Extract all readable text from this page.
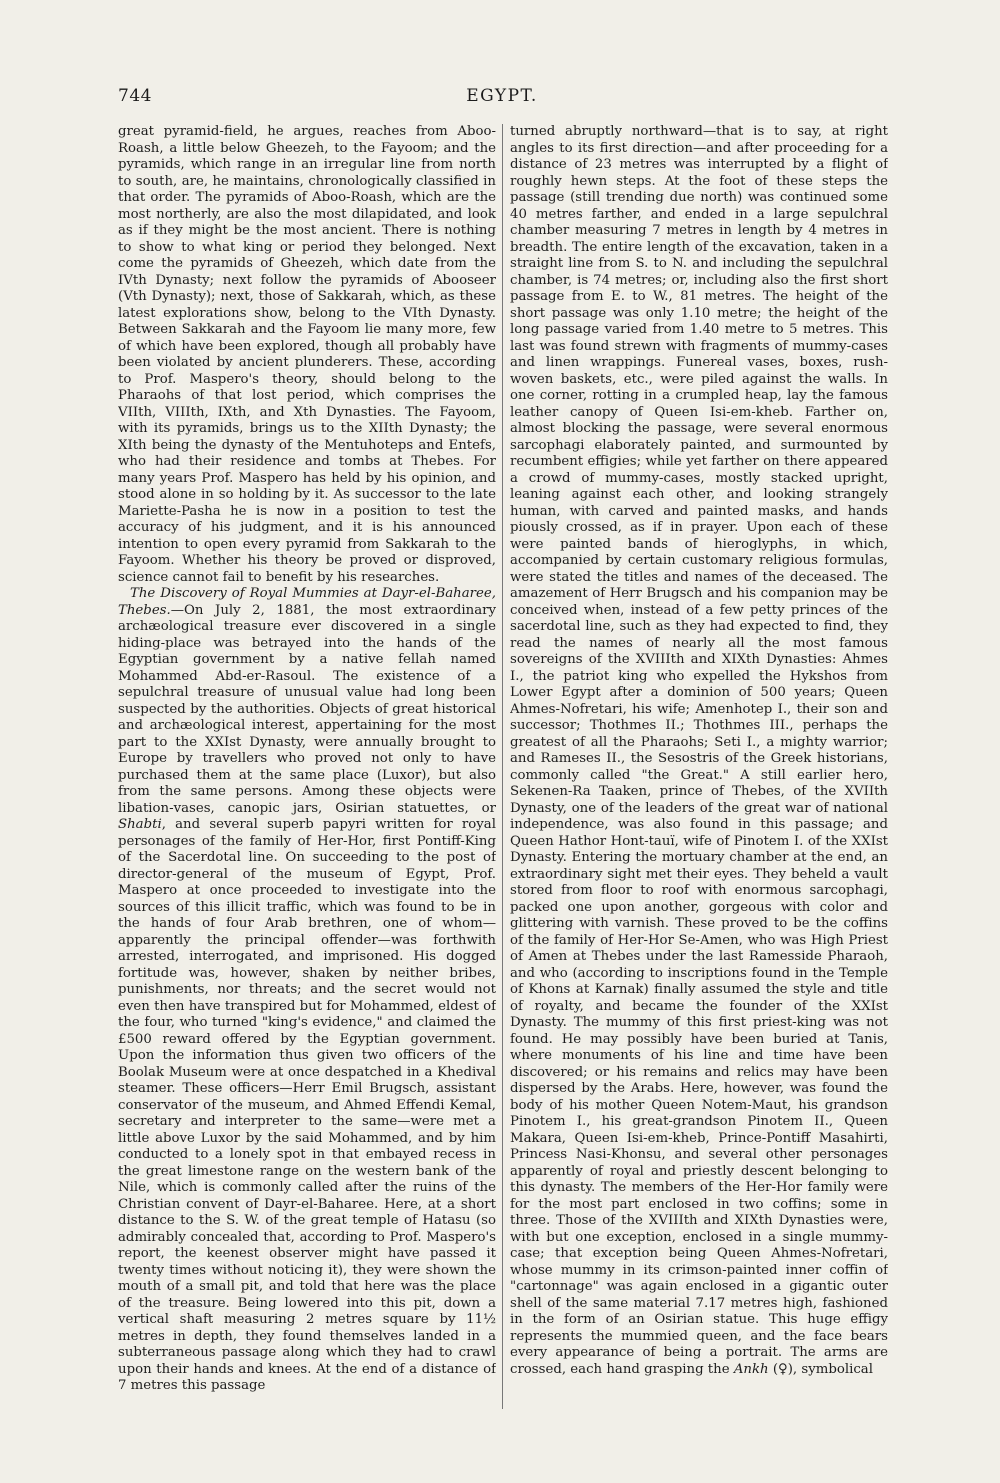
744	EGYPT.

great pyramid-field, he argues, reaches from Aboo-Roash, a little below Gheezeh, to the Fayoom; and the pyramids, which range in an irregular line from north to south, are, he maintains, chronologically classified in that order. The pyramids of Aboo-Roash, which are the most northerly, are also the most dilapidated, and look as if they might be the most ancient. There is nothing to show to what king or period they belonged. Next come the pyramids of Gheezeh, which date from the IVth Dynasty; next follow the pyramids of Abooseer (Vth Dynasty); next, those of Sakkarah, which, as these latest explorations show, belong to the VIth Dynasty. Between Sakkarah and the Fayoom lie many more, few of which have been explored, though all probably have been violated by ancient plunderers. These, according to Prof. Maspero's theory, should belong to the Pharaohs of that lost period, which comprises the VIIth, VIIIth, IXth, and Xth Dynasties. The Fayoom, with its pyramids, brings us to the XIIth Dynasty; the XIth being the dynasty of the Mentuhoteps and Entefs, who had their residence and tombs at Thebes. For many years Prof. Maspero has held by his opinion, and stood alone in so holding by it. As successor to the late Mariette-Pasha he is now in a position to test the accuracy of his judgment, and it is his announced intention to open every pyramid from Sakkarah to the Fayoom. Whether his theory be proved or disproved, science cannot fail to benefit by his researches.

The Discovery of Royal Mummies at Dayr-el-Baharee, Thebes.—On July 2, 1881, the most extraordinary archæological treasure ever discovered in a single hiding-place was betrayed into the hands of the Egyptian government by a native fellah named Mohammed Abd-er-Rasoul. The existence of a sepulchral treasure of unusual value had long been suspected by the authorities. Objects of great historical and archæological interest, appertaining for the most part to the XXIst Dynasty, were annually brought to Europe by travellers who proved not only to have purchased them at the same place (Luxor), but also from the same persons. Among these objects were libation-vases, canopic jars, Osirian statuettes, or Shabti, and several superb papyri written for royal personages of the family of Her-Hor, first Pontiff-King of the Sacerdotal line. On succeeding to the post of director-general of the museum of Egypt, Prof. Maspero at once proceeded to investigate into the sources of this illicit traffic, which was found to be in the hands of four Arab brethren, one of whom—apparently the principal offender—was forthwith arrested, interrogated, and imprisoned. His dogged fortitude was, however, shaken by neither bribes, punishments, nor threats; and the secret would not even then have transpired but for Mohammed, eldest of the four, who turned "king's evidence," and claimed the £500 reward offered by the Egyptian government. Upon the information thus given two officers of the Boolak Museum were at once despatched in a Khedival steamer. These officers—Herr Emil Brugsch, assistant conservator of the museum, and Ahmed Effendi Kemal, secretary and interpreter to the same—were met a little above Luxor by the said Mohammed, and by him conducted to a lonely spot in that embayed recess in the great limestone range on the western bank of the Nile, which is commonly called after the ruins of the Christian convent of Dayr-el-Baharee. Here, at a short distance to the S. W. of the great temple of Hatasu (so admirably concealed that, according to Prof. Maspero's report, the keenest observer might have passed it twenty times without noticing it), they were shown the mouth of a small pit, and told that here was the place of the treasure. Being lowered into this pit, down a vertical shaft measuring 2 metres square by 11½ metres in depth, they found themselves landed in a subterraneous passage along which they had to crawl upon their hands and knees. At the end of a distance of 7 metres this passage

turned abruptly northward—that is to say, at right angles to its first direction—and after proceeding for a distance of 23 metres was interrupted by a flight of roughly hewn steps. At the foot of these steps the passage (still trending due north) was continued some 40 metres farther, and ended in a large sepulchral chamber measuring 7 metres in length by 4 metres in breadth. The entire length of the excavation, taken in a straight line from S. to N. and including the sepulchral chamber, is 74 metres; or, including also the first short passage from E. to W., 81 metres. The height of the short passage was only 1.10 metre; the height of the long passage varied from 1.40 metre to 5 metres. This last was found strewn with fragments of mummy-cases and linen wrappings. Funereal vases, boxes, rush-woven baskets, etc., were piled against the walls. In one corner, rotting in a crumpled heap, lay the famous leather canopy of Queen Isi-em-kheb. Farther on, almost blocking the passage, were several enormous sarcophagi elaborately painted, and surmounted by recumbent effigies; while yet farther on there appeared a crowd of mummy-cases, mostly stacked upright, leaning against each other, and looking strangely human, with carved and painted masks, and hands piously crossed, as if in prayer. Upon each of these were painted bands of hieroglyphs, in which, accompanied by certain customary religious formulas, were stated the titles and names of the deceased. The amazement of Herr Brugsch and his companion may be conceived when, instead of a few petty princes of the sacerdotal line, such as they had expected to find, they read the names of nearly all the most famous sovereigns of the XVIIIth and XIXth Dynasties: Ahmes I., the patriot king who expelled the Hykshos from Lower Egypt after a dominion of 500 years; Queen Ahmes-Nofretari, his wife; Amenhotep I., their son and successor; Thothmes II.; Thothmes III., perhaps the greatest of all the Pharaohs; Seti I., a mighty warrior; and Rameses II., the Sesostris of the Greek historians, commonly called "the Great." A still earlier hero, Sekenen-Ra Taaken, prince of Thebes, of the XVIIth Dynasty, one of the leaders of the great war of national independence, was also found in this passage; and Queen Hathor Hont-tauï, wife of Pinotem I. of the XXIst Dynasty. Entering the mortuary chamber at the end, an extraordinary sight met their eyes. They beheld a vault stored from floor to roof with enormous sarcophagi, packed one upon another, gorgeous with color and glittering with varnish. These proved to be the coffins of the family of Her-Hor Se-Amen, who was High Priest of Amen at Thebes under the last Ramesside Pharaoh, and who (according to inscriptions found in the Temple of Khons at Karnak) finally assumed the style and title of royalty, and became the founder of the XXIst Dynasty. The mummy of this first priest-king was not found. He may possibly have been buried at Tanis, where monuments of his line and time have been discovered; or his remains and relics may have been dispersed by the Arabs. Here, however, was found the body of his mother Queen Notem-Maut, his grandson Pinotem I., his great-grandson Pinotem II., Queen Makara, Queen Isi-em-kheb, Prince-Pontiff Masahirti, Princess Nasi-Khonsu, and several other personages apparently of royal and priestly descent belonging to this dynasty. The members of the Her-Hor family were for the most part enclosed in two coffins; some in three. Those of the XVIIIth and XIXth Dynasties were, with but one exception, enclosed in a single mummy-case; that exception being Queen Ahmes-Nofretari, whose mummy in its crimson-painted inner coffin of "cartonnage" was again enclosed in a gigantic outer shell of the same material 7.17 metres high, fashioned in the form of an Osirian statue. This huge effigy represents the mummied queen, and the face bears every appearance of being a portrait. The arms are crossed, each hand grasping the Ankh (♀), symbolical
